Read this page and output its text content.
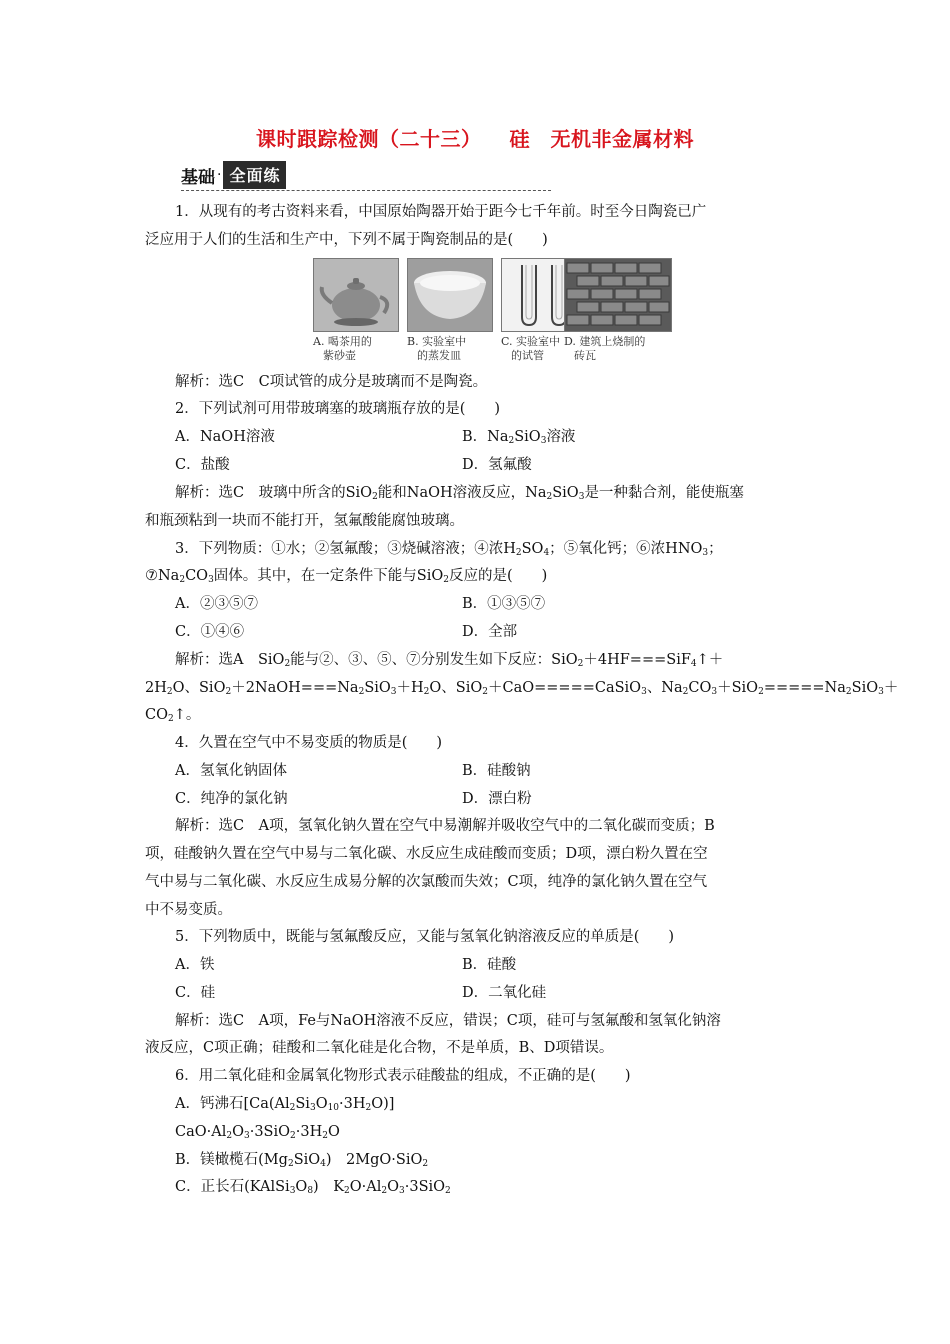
课时跟踪检测（二十三） 硅　无机非金属材料
基础 · 全面练
1．从现有的考古资料来看，中国原始陶器开始于距今七千年前。时至今日陶瓷已广
泛应用于人们的生活和生产中，下列不属于陶瓷制品的是(　　)
A. 喝茶用的
紫砂壶
B. 实验室中
的蒸发皿
C. 实验室中
的试管
D. 建筑上烧制的
砖瓦
解析：选C　C项试管的成分是玻璃而不是陶瓷。
2．下列试剂可用带玻璃塞的玻璃瓶存放的是(　　)
A．NaOH溶液	B．$Na_2SiO_3$溶液
C．盐酸	D．氢氟酸
解析：选C　玻璃中所含的SiO$_2$能和NaOH溶液反应，$Na_2SiO_3$是一种黏合剂，能使瓶塞
和瓶颈粘到一块而不能打开，氢氟酸能腐蚀玻璃。
3．下列物质：①水；②氢氟酸；③烧碱溶液；④浓$H_2SO_4$；⑤氧化钙；⑥浓$HNO_3$；
$⑦Na_2CO_3$固体。其中，在一定条件下能与SiO$_2$反应的是(　　)
A．②③⑤⑦	B．①③⑤⑦
C．①④⑥	D．全部
解析：选A　SiO$_2$能与②、③、⑤、⑦分别发生如下反应：SiO$_2$＋4HF===SiF$_4$↑＋
$2H_2O$、$SiO_2+2NaOH===Na_2SiO_3+H_2O$、SiO$_2$＋CaO=====CaSiO$_3$、$Na_2CO_3+SiO_2=====Na_2SiO_3+$
$CO_2↑$。
4．久置在空气中不易变质的物质是(　　)
A．氢氧化钠固体	B．硅酸钠
C．纯净的氯化钠	D．漂白粉
解析：选C　A项，氢氧化钠久置在空气中易潮解并吸收空气中的二氧化碳而变质；B
项，硅酸钠久置在空气中易与二氧化碳、水反应生成硅酸而变质；D项，漂白粉久置在空
气中易与二氧化碳、水反应生成易分解的次氯酸而失效；C项，纯净的氯化钠久置在空气
中不易变质。
5．下列物质中，既能与氢氟酸反应，又能与氢氧化钠溶液反应的单质是(　　)
A．铁	B．硅酸
C．硅	D．二氧化硅
解析：选C　A项，Fe与NaOH溶液不反应，错误；C项，硅可与氢氟酸和氢氧化钠溶
液反应，C项正确；硅酸和二氧化硅是化合物，不是单质，B、D项错误。
6．用二氧化硅和金属氧化物形式表示硅酸盐的组成，不正确的是(　　)
A．钙沸石$[Ca(Al_2Si_3O_{10}\cdot 3H_2O)]$
$CaO\cdot Al_2O_3\cdot 3SiO_2\cdot 3H_2O$
B．镁橄榄石$(Mg_2SiO_4)$　2MgO·SiO$_2$
C．正长石$(KAlSi_3O_8)$　$K_2O\cdot Al_2O_3\cdot 3SiO_2$
